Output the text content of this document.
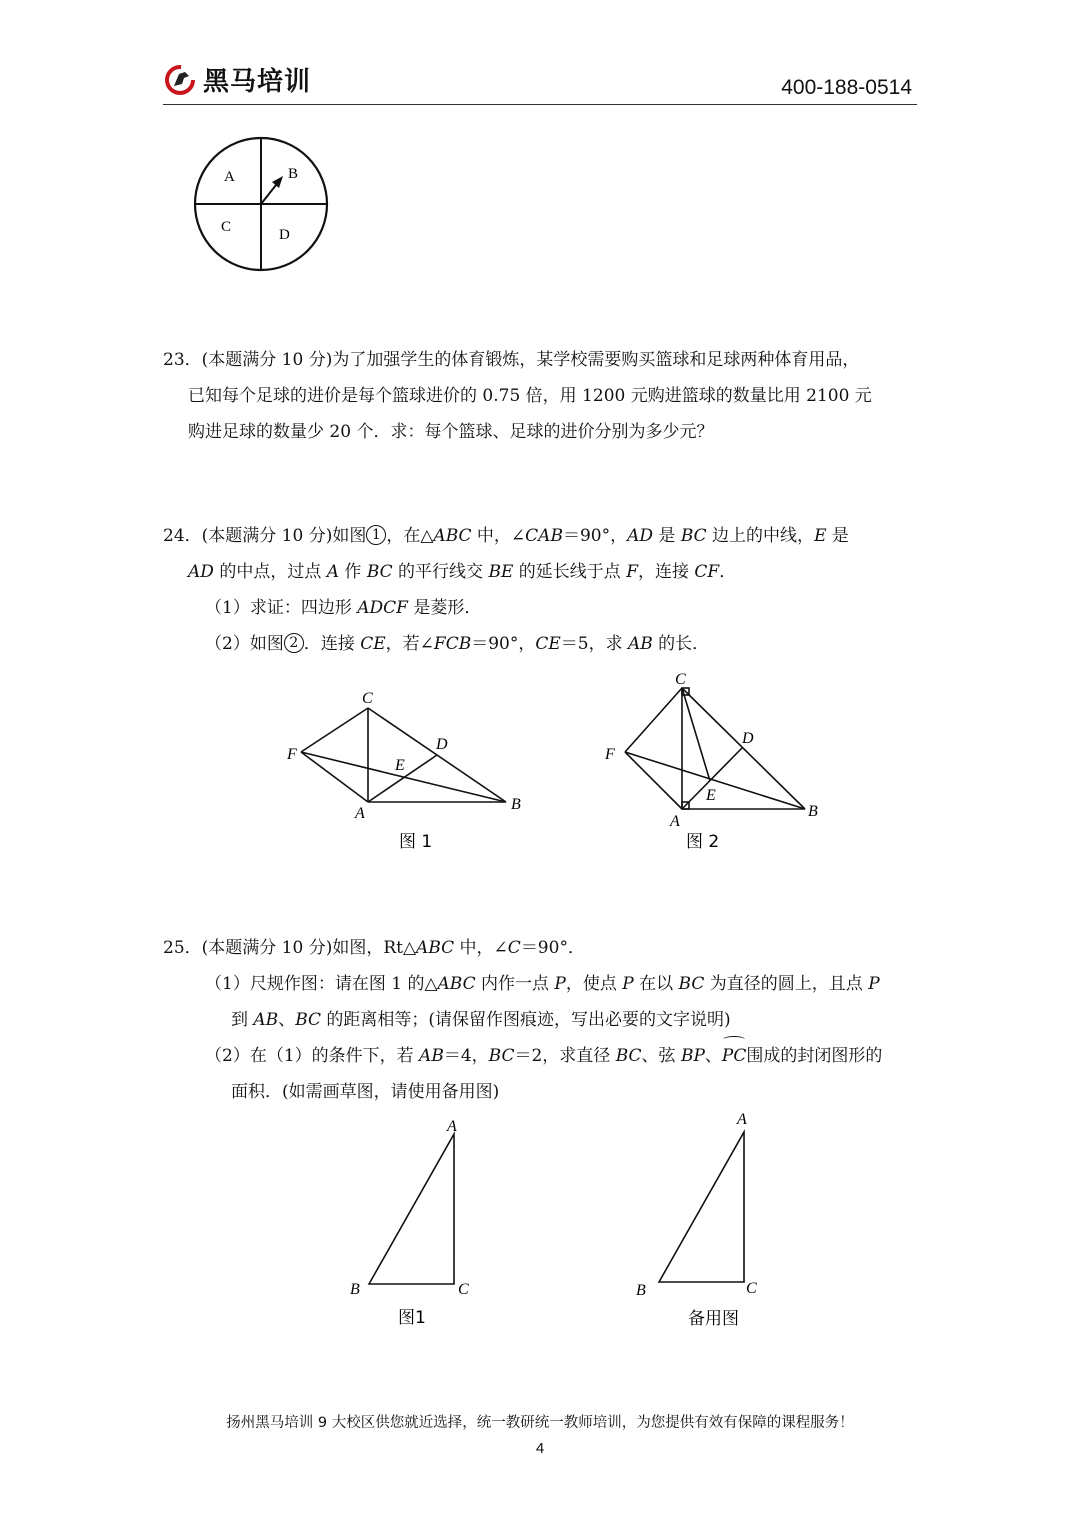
黑马培训	400-188-0514
A	B
C	D

23．(本题满分 10 分)为了加强学生的体育锻炼，某学校需要购买篮球和足球两种体育用品，

已知每个足球的进价是每个篮球进价的 0.75 倍，用 1200 元购进篮球的数量比用 2100 元

购进足球的数量少 20 个．求：每个篮球、足球的进价分别为多少元？

24．(本题满分 10 分)如图 1 ，在△ABC 中，∠CAB＝90°，AD 是 BC 边上的中线，E 是

AD 的中点，过点 A 作 BC 的平行线交 BE 的延长线于点 F，连接 CF．

（1）求证：四边形 ADCF 是菱形．

（2）如图 2 ．连接 CE，若∠FCB＝90°，CE＝5，求 AB 的长．

C
F
D
E
A
B
图 1
C
F
D
E
A
B
图 2

25．(本题满分 10 分)如图，Rt△ABC 中，∠C＝90°．

（1）尺规作图：请在图 1 的△ABC 内作一点 P，使点 P 在以 BC 为直径的圆上，且点 P

到 AB、BC 的距离相等；(请保留作图痕迹，写出必要的文字说明)

（2）在（1）的条件下，若 AB＝4，BC＝2，求直径 BC、弦 BP、PC围成的封闭图形的

面积．(如需画草图，请使用备用图)

A
B	C
图1
A
B	C
备用图
扬州黑马培训 9 大校区供您就近选择，统一教研统一教师培训，为您提供有效有保障的课程服务！
4
